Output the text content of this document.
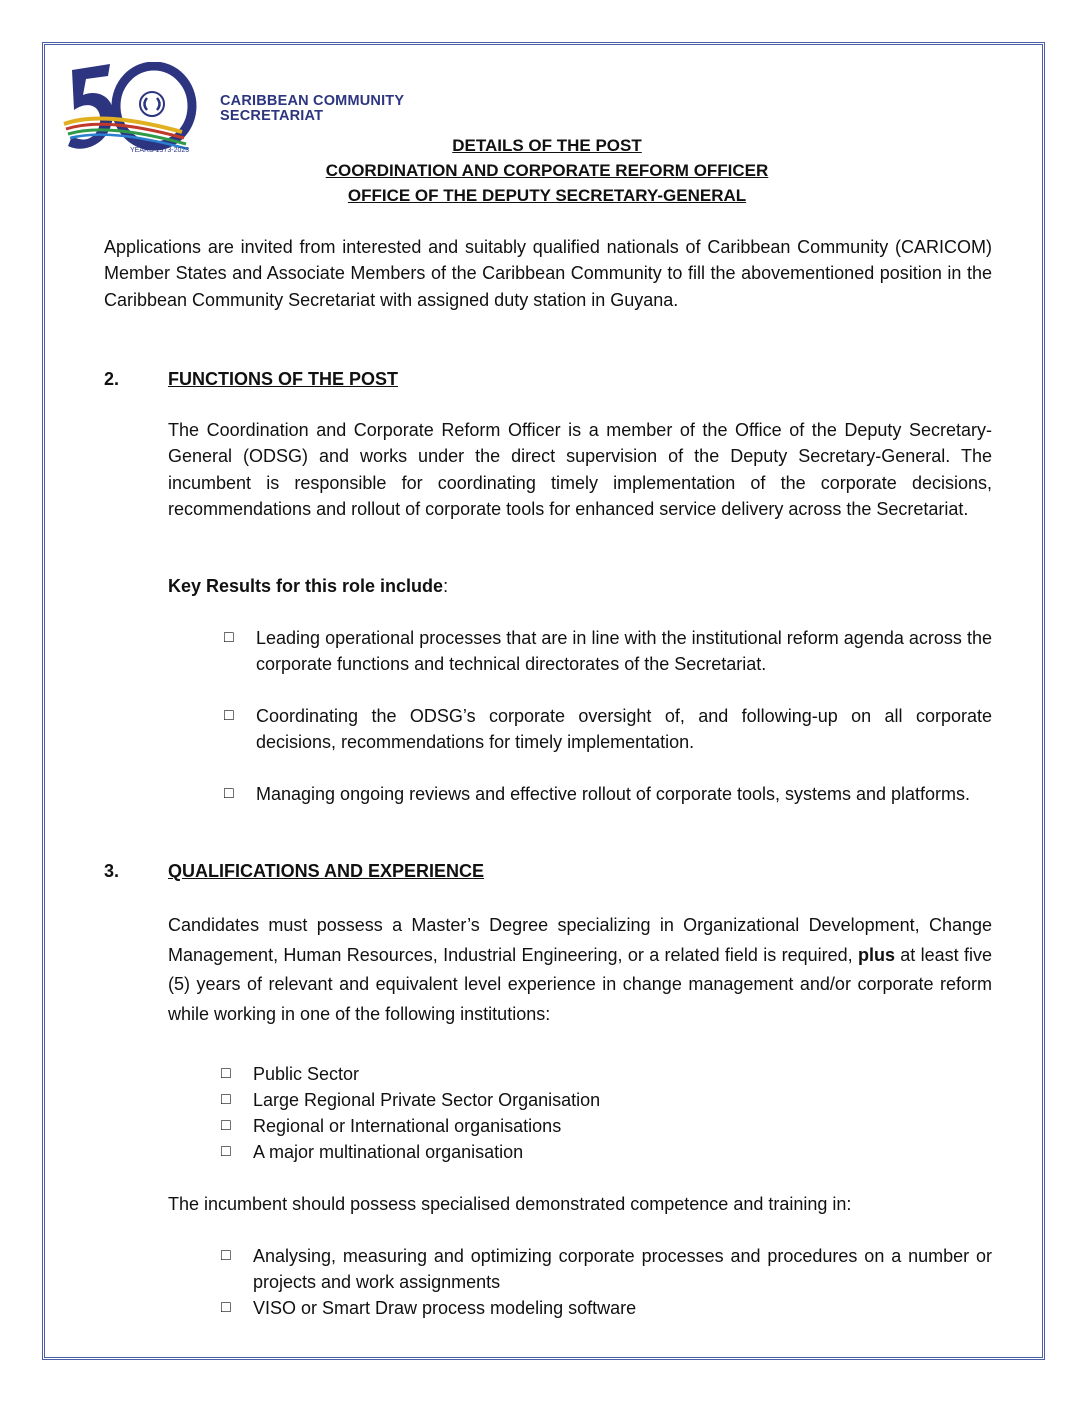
YEARS 1973-2023
CARIBBEAN COMMUNITY
SECRETARIAT
DETAILS OF THE POST
COORDINATION AND CORPORATE REFORM OFFICER
OFFICE OF THE DEPUTY SECRETARY-GENERAL
Applications are invited from interested and suitably qualified nationals of Caribbean Community (CARICOM) Member States and Associate Members of the Caribbean Community to fill the abovementioned position in the Caribbean Community Secretariat with assigned duty station in Guyana.
2.	FUNCTIONS OF THE POST
The Coordination and Corporate Reform Officer is a member of the Office of the Deputy Secretary-General (ODSG) and works under the direct supervision of the Deputy Secretary-General. The incumbent is responsible for coordinating timely implementation of the corporate decisions, recommendations and rollout of corporate tools for enhanced service delivery across the Secretariat.
Key Results for this role include:
□ Leading operational processes that are in line with the institutional reform agenda across the corporate functions and technical directorates of the Secretariat.
□ Coordinating the ODSG’s corporate oversight of, and following-up on all corporate decisions, recommendations for timely implementation.
□ Managing ongoing reviews and effective rollout of corporate tools, systems and platforms.
3.	QUALIFICATIONS AND EXPERIENCE
Candidates must possess a Master’s Degree specializing in Organizational Development, Change Management, Human Resources, Industrial Engineering, or a related field is required, plus at least five (5) years of relevant and equivalent level experience in change management and/or corporate reform while working in one of the following institutions:
□ Public Sector
□ Large Regional Private Sector Organisation
□ Regional or International organisations
□ A major multinational organisation
The incumbent should possess specialised demonstrated competence and training in:
□ Analysing, measuring and optimizing corporate processes and procedures on a number or projects and work assignments
□ VISO or Smart Draw process modeling software
